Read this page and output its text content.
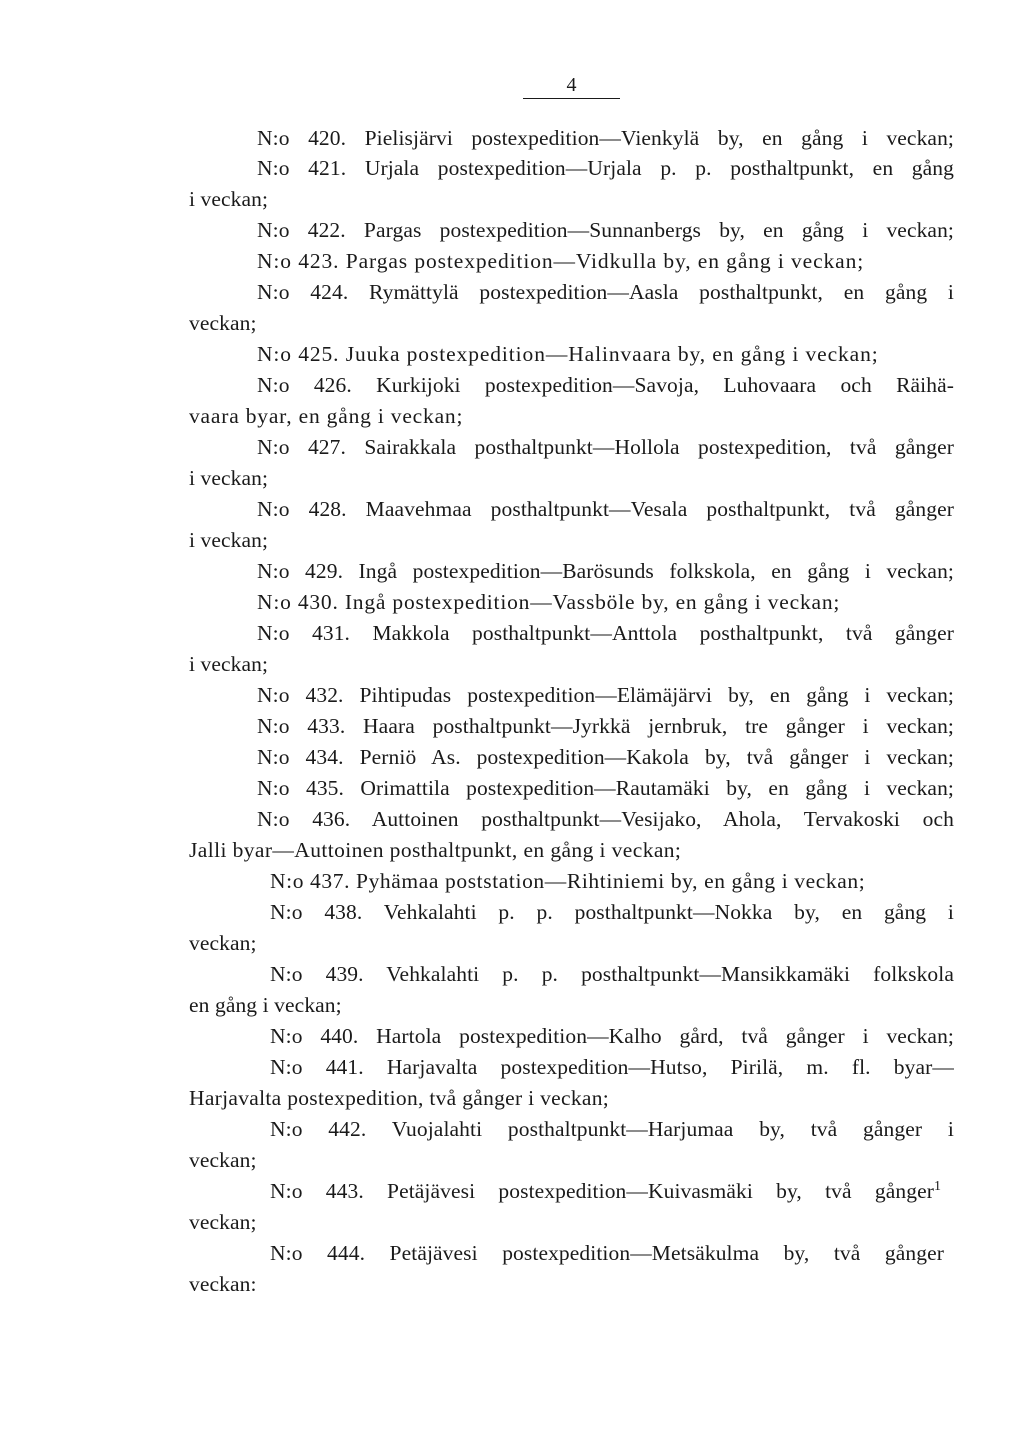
4
N:o 420. Pielisjärvi postexpedition—Vienkylä by, en gång i veckan;
N:o 421. Urjala postexpedition—Urjala p. p. posthaltpunkt, en gång
i veckan;
N:o 422. Pargas postexpedition—Sunnanbergs by, en gång i veckan;
N:o 423. Pargas postexpedition—Vidkulla by, en gång i veckan;
N:o 424. Rymättylä postexpedition—Aasla posthaltpunkt, en gång i
veckan;
N:o 425. Juuka postexpedition—Halinvaara by, en gång i veckan;
N:o 426. Kurkijoki postexpedition—Savoja, Luhovaara och Räihä-
vaara byar, en gång i veckan;
N:o 427. Sairakkala posthaltpunkt—Hollola postexpedition, två gånger
i veckan;
N:o 428. Maavehmaa posthaltpunkt—Vesala posthaltpunkt, två gånger
i veckan;
N:o 429. Ingå postexpedition—Barösunds folkskola, en gång i veckan;
N:o 430. Ingå postexpedition—Vassböle by, en gång i veckan;
N:o 431. Makkola posthaltpunkt—Anttola posthaltpunkt, två gånger
i veckan;
N:o 432. Pihtipudas postexpedition—Elämäjärvi by, en gång i veckan;
N:o 433. Haara posthaltpunkt—Jyrkkä jernbruk, tre gånger i veckan;
N:o 434. Perniö As. postexpedition—Kakola by, två gånger i veckan;
N:o 435. Orimattila postexpedition—Rautamäki by, en gång i veckan;
N:o 436. Auttoinen posthaltpunkt—Vesijako, Ahola, Tervakoski och
Jalli byar—Auttoinen posthaltpunkt, en gång i veckan;
N:o 437. Pyhämaa poststation—Rihtiniemi by, en gång i veckan;
N:o 438. Vehkalahti p. p. posthaltpunkt—Nokka by, en gång i
veckan;
N:o 439. Vehkalahti p. p. posthaltpunkt—Mansikkamäki folkskola
en gång i veckan;
N:o 440. Hartola postexpedition—Kalho gård, två gånger i veckan;
N:o 441. Harjavalta postexpedition—Hutso, Pirilä, m. fl. byar—
Harjavalta postexpedition, två gånger i veckan;
N:o 442. Vuojalahti posthaltpunkt—Harjumaa by, två gånger i
veckan;
N:o 443. Petäjävesi postexpedition—Kuivasmäki by, två gånger$^1$
veckan;
N:o 444. Petäjävesi postexpedition—Metsäkulma by, två gånger
veckan:
